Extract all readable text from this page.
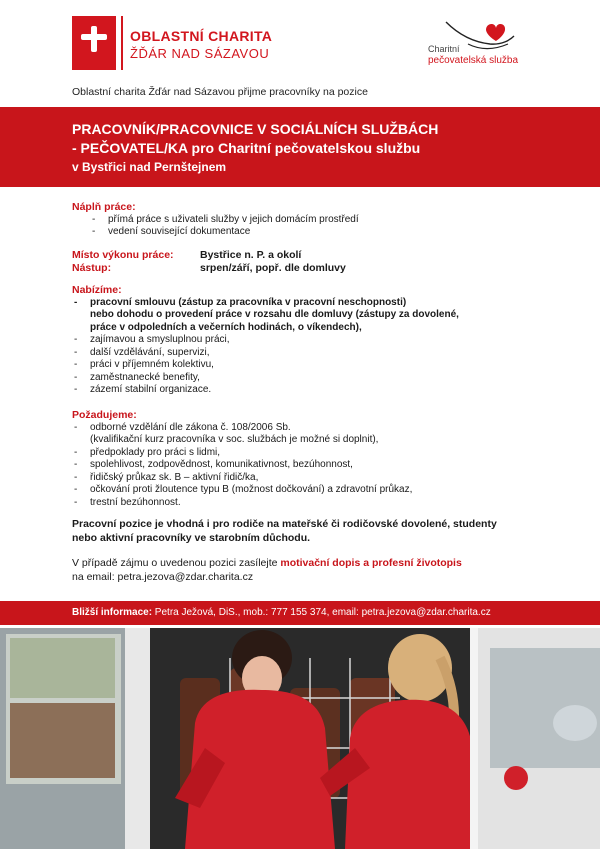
OBLASTNÍ CHARITA
ŽĎÁR NAD SÁZAVOU	Charitní
pečovatelská služba
Oblastní charita Žďár nad Sázavou přijme pracovníky na pozice
PRACOVNÍK/PRACOVNICE V SOCIÁLNÍCH SLUŽBÁCH
- PEČOVATEL/KA pro Charitní pečovatelskou službu
v Bystřici nad Pernštejnem
Náplň práce:
- přímá práce s uživateli služby v jejich domácím prostředí
- vedení související dokumentace
Místo výkonu práce:	Bystřice n. P. a okolí
Nástup:	srpen/září, popř. dle domluvy
Nabízíme:
- pracovní smlouvu (zástup za pracovníka v pracovní neschopnosti)
nebo dohodu o provedení práce v rozsahu dle domluvy (zástupy za dovolené,
práce v odpoledních a večerních hodinách, o víkendech),
- zajímavou a smysluplnou práci,
- další vzdělávání, supervizi,
- práci v příjemném kolektivu,
- zaměstnanecké benefity,
- zázemí stabilní organizace.
Požadujeme:
- odborné vzdělání dle zákona č. 108/2006 Sb.
(kvalifikační kurz pracovníka v soc. službách je možné si doplnit),
- předpoklady pro práci s lidmi,
- spolehlivost, zodpovědnost, komunikativnost, bezúhonnost,
- řidičský průkaz sk. B – aktivní řidič/ka,
- očkování proti žloutence typu B (možnost dočkování) a zdravotní průkaz,
- trestní bezúhonnost.
Pracovní pozice je vhodná i pro rodiče na mateřské či rodičovské dovolené, studenty
nebo aktivní pracovníky ve starobním důchodu.
V případě zájmu o uvedenou pozici zasílejte motivační dopis a profesní životopis
na email: petra.jezova@zdar.charita.cz
Bližší informace: Petra Ježová, DiS., mob.: 777 155 374, email: petra.jezova@zdar.charita.cz
